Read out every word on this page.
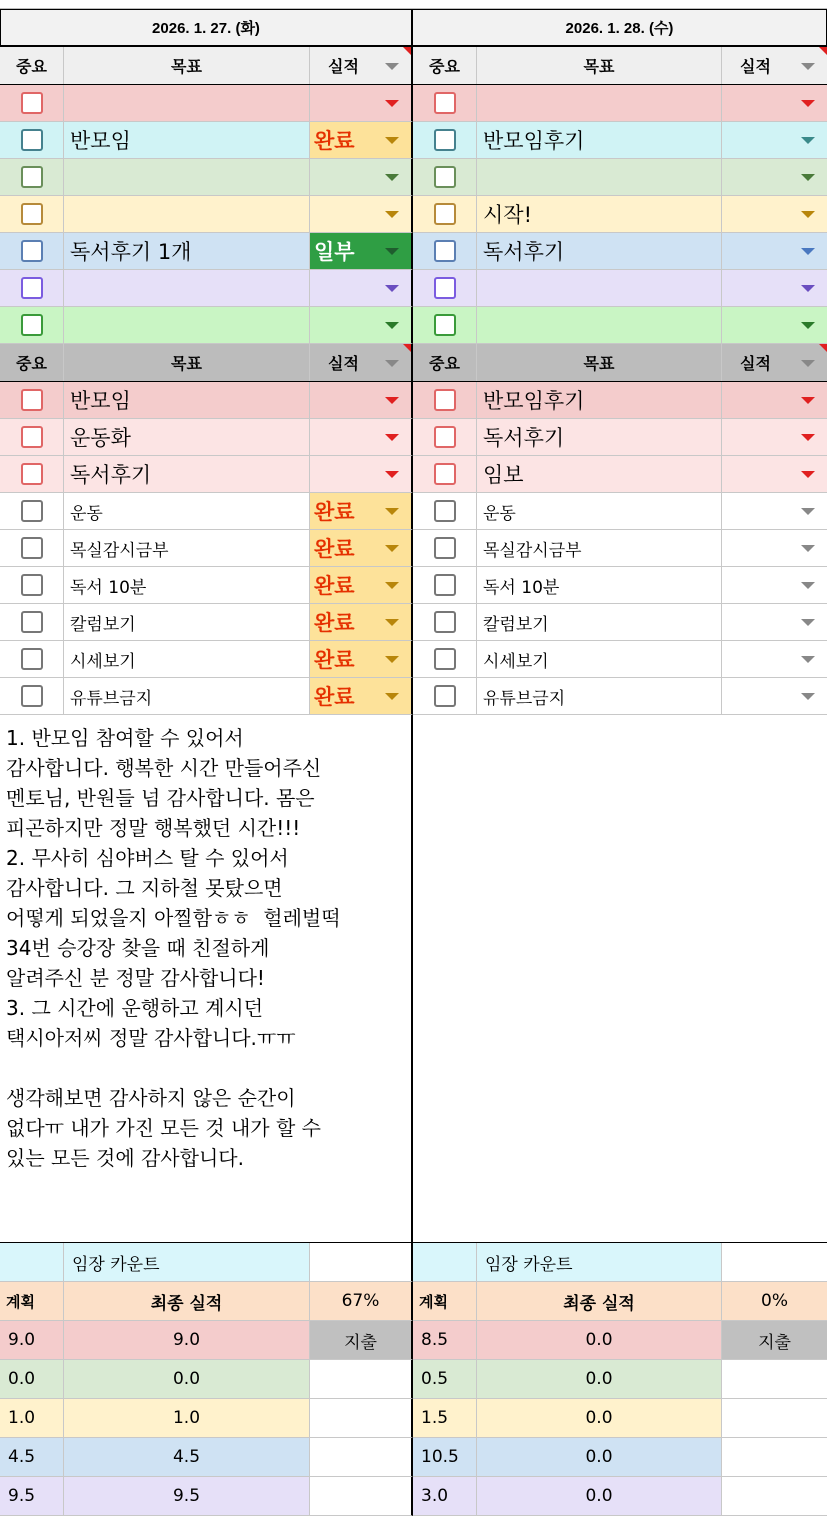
2026. 1. 27. (화)
중요	목표	실적
반모임	완료
독서후기 1개	일부
중요	목표	실적
반모임
운동화
독서후기
운동	완료
목실감시금부	완료
독서 10분	완료
칼럼보기	완료
시세보기	완료
유튜브금지	완료
1. 반모임 참여할 수 있어서
감사합니다. 행복한 시간 만들어주신
멘토님, 반원들 넘 감사합니다. 몸은
피곤하지만 정말 행복했던 시간!!!
2. 무사히 심야버스 탈 수 있어서
감사합니다. 그 지하철 못탔으면
어떻게 되었을지 아찔함ㅎㅎ  헐레벌떡
34번 승강장 찾을 때 친절하게
알려주신 분 정말 감사합니다!
3. 그 시간에 운행하고 계시던
택시아저씨 정말 감사합니다.ㅠㅠ

생각해보면 감사하지 않은 순간이
없다ㅠ 내가 가진 모든 것 내가 할 수
있는 모든 것에 감사합니다.
임장 카운트
계획	최종 실적	67%
9.0	9.0	지출
0.0	0.0
1.0	1.0
4.5	4.5
9.5	9.5
2026. 1. 28. (수)
중요	목표	실적
반모임후기
시작!
독서후기
중요	목표	실적
반모임후기
독서후기
임보
운동
목실감시금부
독서 10분
칼럼보기
시세보기
유튜브금지
임장 카운트
계획	최종 실적	0%
8.5	0.0	지출
0.5	0.0
1.5	0.0
10.5	0.0
3.0	0.0
